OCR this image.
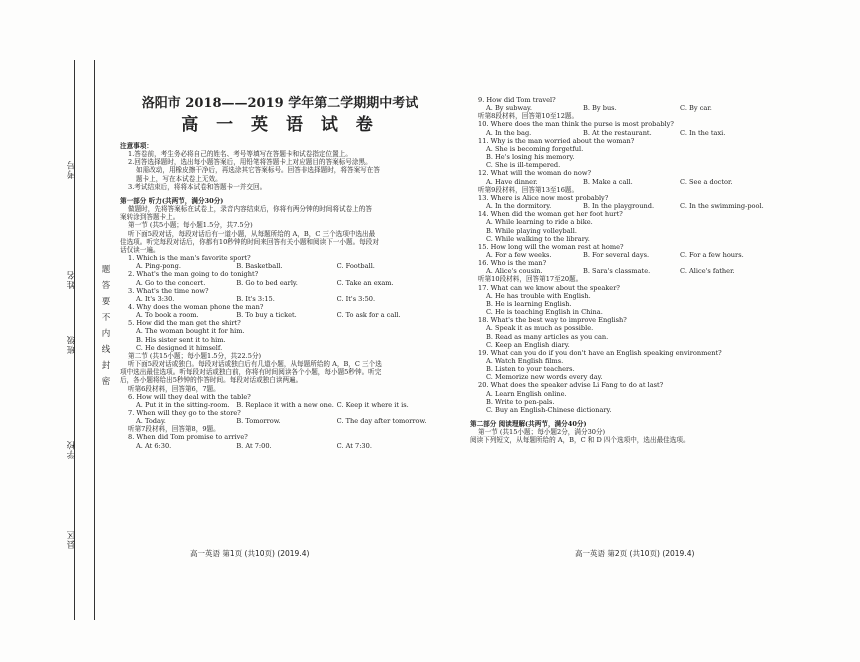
考号
姓名
班级
学校
县区
题
答
要
不
内
线
封
密
洛阳市 2018——2019 学年第二学期期中考试
高 一 英 语 试 卷
注意事项：
1.答卷前，考生务必将自己的姓名、考号等填写在答题卡和试卷指定位置上。
2.回答选择题时，选出每小题答案后，用铅笔将答题卡上对应题目的答案标号涂黑。
如需改动，用橡皮擦干净后，再选涂其它答案标号。回答非选择题时，将答案写在答
题卡上，写在本试卷上无效。
3.考试结束后，将将本试卷和答题卡一并交回。
第一部分 听力(共两节，满分30分)
做题时，先将答案标在试卷上，录音内容结束后，你将有两分钟的时间将试卷上的答
案转涂到答题卡上。
第一节 (共5小题；每小题1.5分，共7.5分)
听下面5段对话，每段对话后有一道小题，从每题所给的 A，B，C 三个选项中选出最
佳选项。听完每段对话后，你都有10秒钟的时间来回答有关小题和阅读下一小题。每段对
话仅读一遍。
1. Which is the man's favorite sport?
A. Ping-pong.	B. Basketball.	C. Football.
2. What's the man going to do tonight?
A. Go to the concert.	B. Go to bed early.	C. Take an exam.
3. What's the time now?
A. It's 3:30.	B. It's 3:15.	C. It's 3:50.
4. Why does the woman phone the man?
A. To book a room.	B. To buy a ticket.	C. To ask for a call.
5. How did the man get the shirt?
A. The woman bought it for him.
B. His sister sent it to him.
C. He designed it himself.
第二节 (共15小题；每小题1.5分，共22.5分)
听下面5段对话或独白。每段对话或独白后有几道小题，从每题所给的 A，B，C 三个选
项中选出最佳选项。听每段对话或独白前，你将有时间阅读各个小题，每小题5秒钟。听完
后，各小题将给出5秒钟的作答时间。每段对话或独白读两遍。
听第6段材料，回答第6，7题。
6. How will they deal with the table?
A. Put it in the sitting-room.	B. Replace it with a new one. C. Keep it where it is.
7. When will they go to the store?
A. Today.	B. Tomorrow.	C. The day after tomorrow.
听第7段材料，回答第8，9题。
8. When did Tom promise to arrive?
A. At 6:30.	B. At 7:00.	C. At 7:30.
9. How did Tom travel?
A. By subway.	B. By bus.	C. By car.
听第8段材料，回答第10至12题。
10. Where does the man think the purse is most probably?
A. In the bag.	B. At the restaurant.	C. In the taxi.
11. Why is the man worried about the woman?
A. She is becoming forgetful.
B. He's losing his memory.
C. She is ill-tempered.
12. What will the woman do now?
A. Have dinner.	B. Make a call.	C. See a doctor.
听第9段材料，回答第13至16题。
13. Where is Alice now most probably?
A. In the dormitory.	B. In the playground.	C. In the swimming-pool.
14. When did the woman get her foot hurt?
A. While learning to ride a bike.
B. While playing volleyball.
C. While walking to the library.
15. How long will the woman rest at home?
A. For a few weeks.	B. For several days.	C. For a few hours.
16. Who is the man?
A. Alice's cousin.	B. Sara's classmate.	C. Alice's father.
听第10段材料，回答第17至20题。
17. What can we know about the speaker?
A. He has trouble with English.
B. He is learning English.
C. He is teaching English in China.
18. What's the best way to improve English?
A. Speak it as much as possible.
B. Read as many articles as you can.
C. Keep an English diary.
19. What can you do if you don't have an English speaking environment?
A. Watch English films.
B. Listen to your teachers.
C. Memorize new words every day.
20. What does the speaker advise Li Fang to do at last?
A. Learn English online.
B. Write to pen-pals.
C. Buy an English-Chinese dictionary.
第二部分 阅读理解(共两节，满分40分)
第一节 (共15小题；每小题2分，满分30分)
阅读下列短文，从每题所给的 A，B，C 和 D 四个选项中，选出最佳选项。
高一英语 第1页 (共10页) (2019.4)	高一英语 第2页 (共10页) (2019.4)
